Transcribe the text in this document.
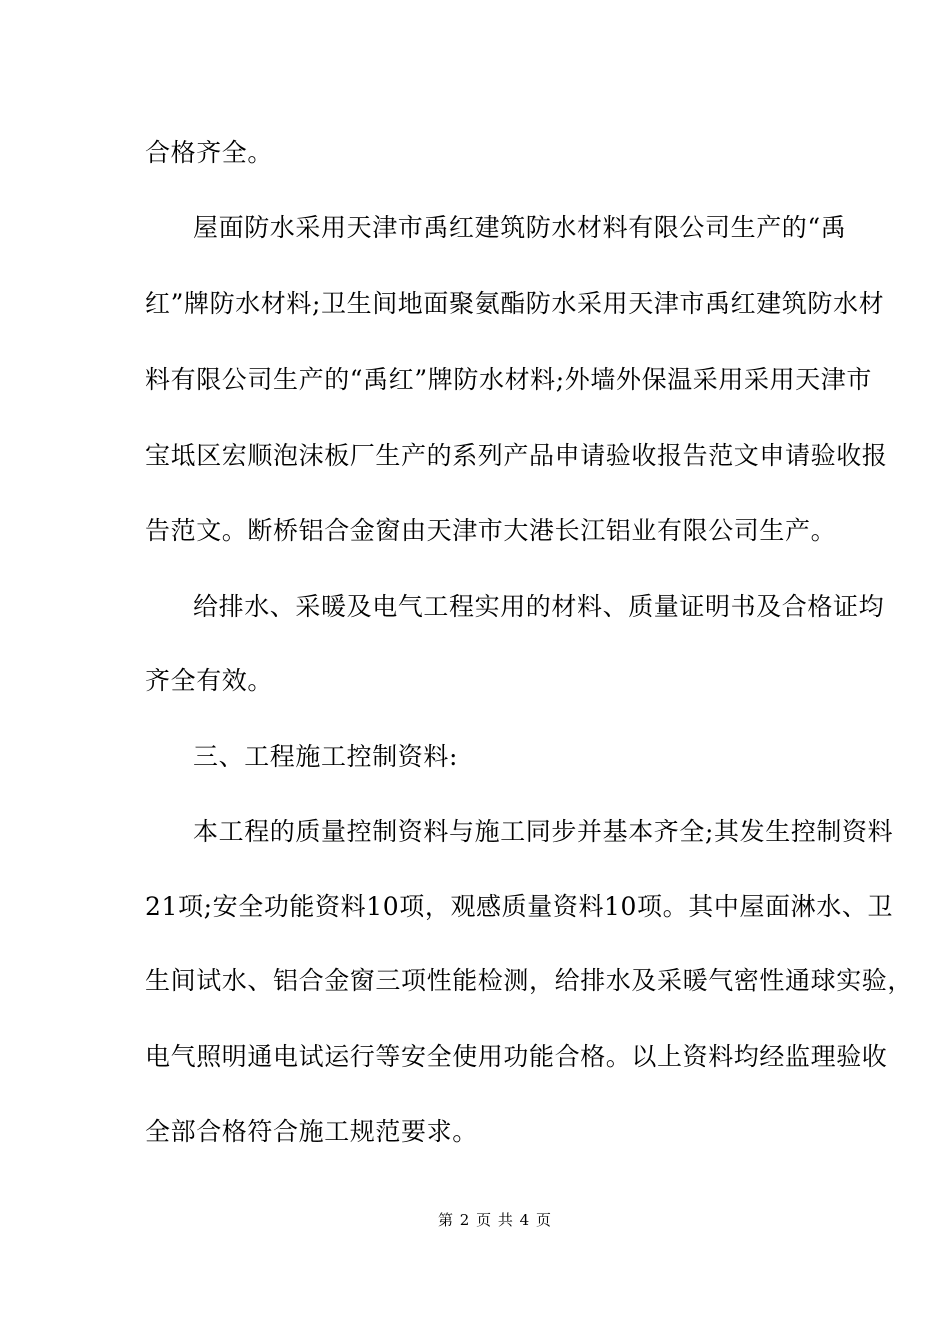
合格齐全。
屋面防水采用天津市禹红建筑防水材料有限公司生产的“禹
红”牌防水材料;卫生间地面聚氨酯防水采用天津市禹红建筑防水材
料有限公司生产的“禹红”牌防水材料;外墙外保温采用采用天津市
宝坻区宏顺泡沫板厂生产的系列产品申请验收报告范文申请验收报
告范文。断桥铝合金窗由天津市大港长江铝业有限公司生产。
给排水、采暖及电气工程实用的材料、质量证明书及合格证均
齐全有效。
三、工程施工控制资料:
本工程的质量控制资料与施工同步并基本齐全;其发生控制资料
21项;安全功能资料10项，观感质量资料10项。其中屋面淋水、卫
生间试水、铝合金窗三项性能检测，给排水及采暖气密性通球实验，
电气照明通电试运行等安全使用功能合格。以上资料均经监理验收
全部合格符合施工规范要求。
第 2 页 共 4 页
